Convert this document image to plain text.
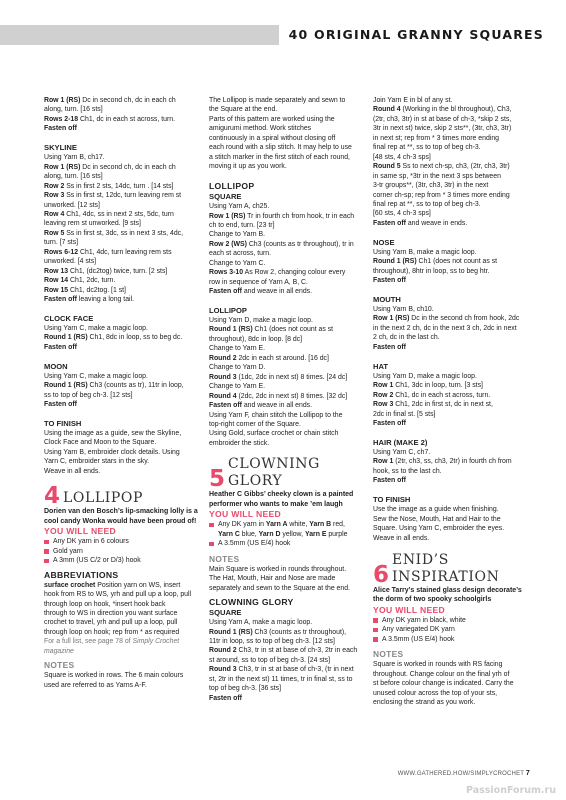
40 ORIGINAL GRANNY SQUARES

Row 1 (RS) Dc in second ch, dc in each ch

along, turn. [16 sts]

Rows 2-18 Ch1, dc in each st across, turn.

Fasten off

SKYLINE

Using Yarn B, ch17.

Row 1 (RS) Dc in second ch, dc in each ch

along, turn. [16 sts]

Row 2 Ss in first 2 sts, 14dc, turn . [14 sts]

Row 3 Ss in first st, 12dc, turn leaving rem st

unworked. [12 sts]

Row 4 Ch1, 4dc, ss in next 2 sts, 5dc, turn

leaving rem st unworked. [9 sts]

Row 5 Ss in first st, 3dc, ss in next 3 sts, 4dc,

turn. [7 sts]

Rows 6-12 Ch1, 4dc, turn leaving rem sts

unworked. [4 sts]

Row 13 Ch1, (dc2tog) twice, turn. [2 sts]

Row 14 Ch1, 2dc, turn.

Row 15 Ch1, dc2tog. [1 st]

Fasten off leaving a long tail.

CLOCK FACE

Using Yarn C, make a magic loop.

Round 1 (RS) Ch1, 8dc in loop, ss to beg dc.

Fasten off

MOON

Using Yarn C, make a magic loop.

Round 1 (RS) Ch3 (counts as tr), 11tr in loop,

ss to top of beg ch-3. [12 sts]

Fasten off

TO FINISH

Using the image as a guide, sew the Skyline,

Clock Face and Moon to the Square.

Using Yarn B, embroider clock details. Using

Yarn C, embroider stars in the sky.

Weave in all ends.

4 LOLLIPOP

Dorien van den Bosch’s lip-smacking lolly is a

cool candy Wonka would have been proud of!

YOU WILL NEED

Any DK yarn in 6 colours
Gold yarn
A 3mm (US C/2 or D/3) hook

ABBREVIATIONS

surface crochet Position yarn on WS, insert

hook from RS to WS, yrh and pull up a loop, pull

through loop on hook, *insert hook back

through to WS in direction you want surface

crochet to travel, yrh and pull up a loop, pull

through loop on hook; rep from * as required

For a full list, see page 78 of Simply Crochet

magazine

NOTES

Square is worked in rows. The 6 main colours

used are referred to as Yarns A-F.

The Lollipop is made separately and sewn to

the Square at the end.

Parts of this pattern are worked using the

amigurumi method. Work stitches

continuously in a spiral without closing off

each round with a slip stitch. It may help to use

a stitch marker in the first stitch of each round,

moving it up as you work.

LOLLIPOP

SQUARE

Using Yarn A, ch25.

Row 1 (RS) Tr in fourth ch from hook, tr in each

ch to end, turn. [23 tr]

Change to Yarn B.

Row 2 (WS) Ch3 (counts as tr throughout), tr in

each st across, turn.

Change to Yarn C.

Rows 3-10 As Row 2, changing colour every

row in sequence of Yarn A, B, C.

Fasten off and weave in all ends.

LOLLIPOP

Using Yarn D, make a magic loop.

Round 1 (RS) Ch1 (does not count as st

throughout), 8dc in loop. [8 dc]

Change to Yarn E.

Round 2 2dc in each st around. [16 dc]

Change to Yarn D.

Round 3 (1dc, 2dc in next st) 8 times. [24 dc]

Change to Yarn E.

Round 4 (2dc, 2dc in next st) 8 times. [32 dc]

Fasten off and weave in all ends.

Using Yarn F, chain stitch the Lollipop to the

top-right corner of the Square.

Using Gold, surface crochet or chain stitch

embroider the stick.

5
CLOWNING GLORY

Heather C Gibbs’ cheeky clown is a painted

performer who wants to make ’em laugh

YOU WILL NEED

Any DK yarn in Yarn A white, Yarn B red,
Yarn C blue, Yarn D yellow, Yarn E purple
A 3.5mm (US E/4) hook

NOTES

Main Square is worked in rounds throughout.

The Hat, Mouth, Hair and Nose are made

separately and sewn to the Square at the end.

CLOWNING GLORY

SQUARE

Using Yarn A, make a magic loop.

Round 1 (RS) Ch3 (counts as tr throughout),

11tr in loop, ss to top of beg ch-3. [12 sts]

Round 2 Ch3, tr in st at base of ch-3, 2tr in each

st around, ss to top of beg ch-3. [24 sts]

Round 3 Ch3, tr in st at base of ch-3, (tr in next

st, 2tr in the next st) 11 times, tr in final st, ss to

top of beg ch-3. [36 sts]

Fasten off

Join Yarn E in bl of any st.

Round 4 (Working in the bl throughout), Ch3,

(2tr, ch3, 3tr) in st at base of ch-3, *skip 2 sts,

3tr in next st) twice, skip 2 sts**, (3tr, ch3, 3tr)

in next st; rep from * 3 times more ending

final rep at **, ss to top of beg ch-3.

[48 sts, 4 ch-3 sps]

Round 5 Ss to next ch-sp, ch3, (2tr, ch3, 3tr)

in same sp, *3tr in the next 3 sps between

3-tr groups**, (3tr, ch3, 3tr) in the next

corner ch-sp; rep from * 3 times more ending

final rep at **, ss to top of beg ch-3.

[60 sts, 4 ch-3 sps]

Fasten off and weave in ends.

NOSE

Using Yarn B, make a magic loop.

Round 1 (RS) Ch1 (does not count as st

throughout), 8htr in loop, ss to beg htr.

Fasten off

MOUTH

Using Yarn B, ch10.

Row 1 (RS) Dc in the second ch from hook, 2dc

in the next 2 ch, dc in the next 3 ch, 2dc in next

2 ch, dc in the last ch.

Fasten off

HAT

Using Yarn D, make a magic loop.

Row 1 Ch1, 3dc in loop, turn. [3 sts]

Row 2 Ch1, dc in each st across, turn.

Row 3 Ch1, 2dc in first st, dc in next st,

2dc in final st. [5 sts]

Fasten off

HAIR (MAKE 2)

Using Yarn C, ch7.

Row 1 (2tr, ch3, ss, ch3, 2tr) in fourth ch from

hook, ss to the last ch.

Fasten off

TO FINISH

Use the image as a guide when finishing.

Sew the Nose, Mouth, Hat and Hair to the

Square. Using Yarn C, embroider the eyes.

Weave in all ends.

6
ENID’S INSPIRATION

Alice Tarry’s stained glass design decorate’s

the dorm of two spooky schoolgirls

YOU WILL NEED

Any DK yarn in black, white
Any variegated DK yarn
A 3.5mm (US E/4) hook

NOTES

Square is worked in rounds with RS facing

throughout. Change colour on the final yrh of

st before colour change is indicated. Carry the

unused colour across the top of your sts,

enclosing the strand as you work.

WWW.GATHERED.HOW/SIMPLYCROCHET 7
PassionForum.ru
